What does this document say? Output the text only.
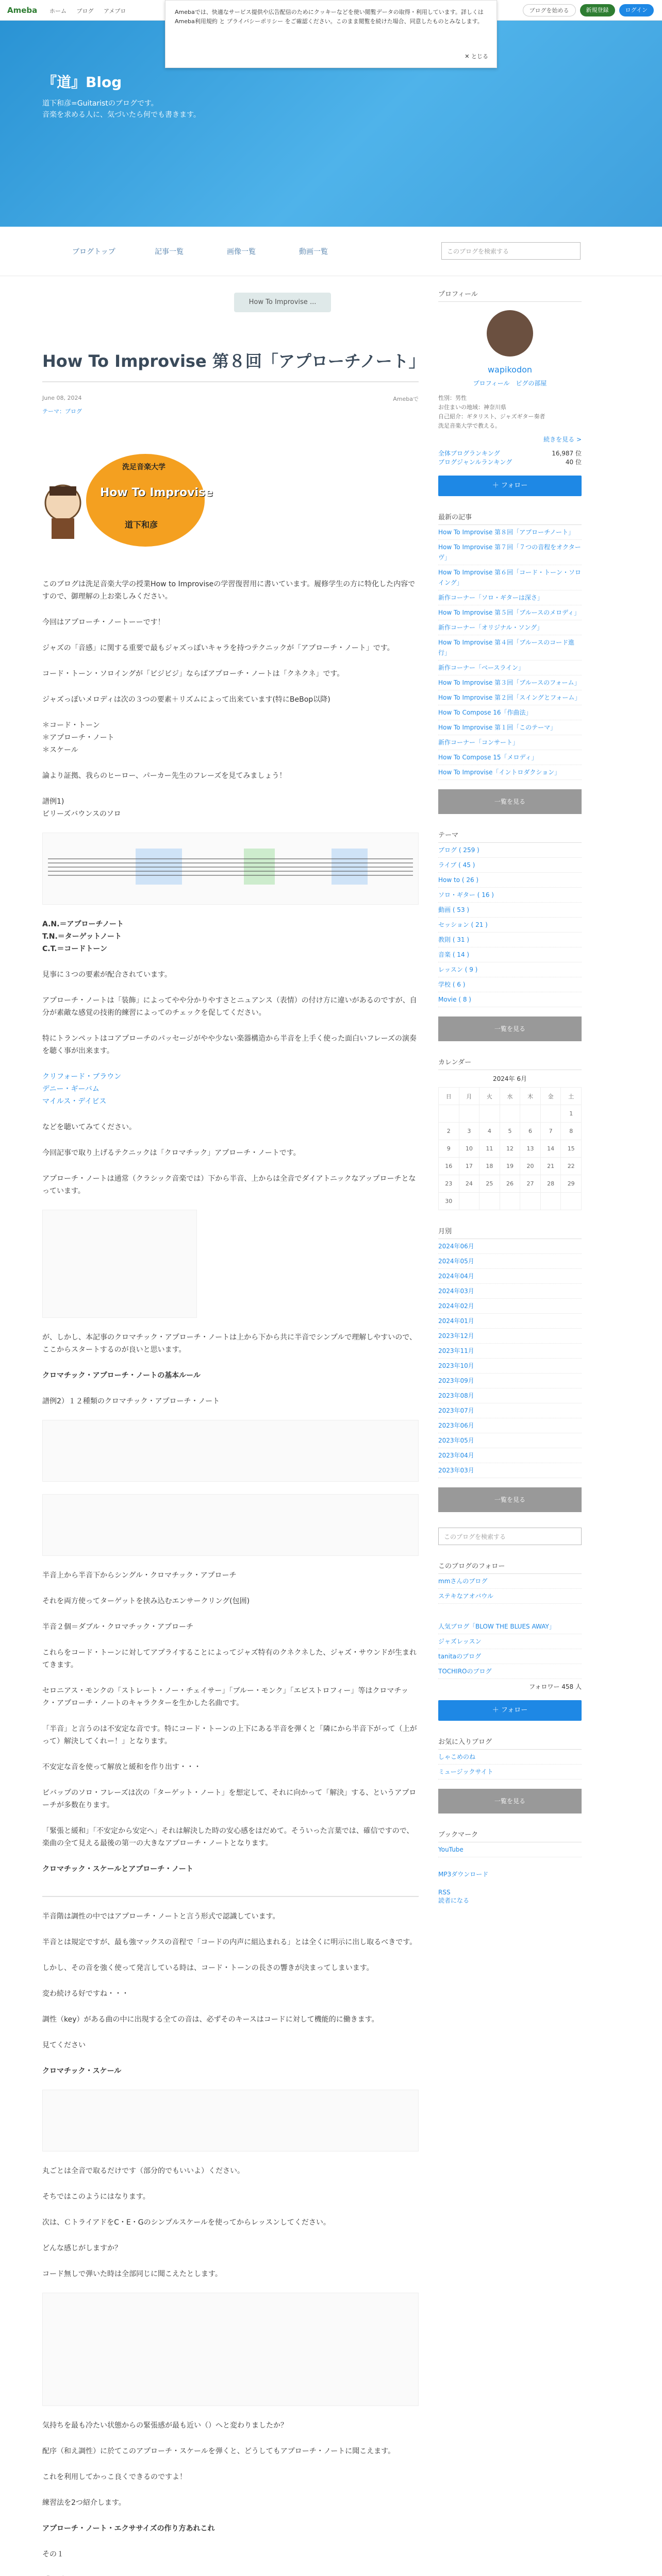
Ameba ホーム ブログ アメブロ	ブログを始める	新規登録	ログイン

Amebaでは、快適なサービス提供や広告配信のためにクッキーなどを使い閲覧データの取得・利用しています。詳しくは Ameba利用規約 と プライバシーポリシー をご確認ください。このまま閲覧を続けた場合、同意したものとみなします。

✕ とじる
『道』Blog
道下和彦=Guitaristのブログです。
音楽を求める人に、気づいたら何でも書きます。
ブログトップ	記事一覧	画像一覧	動画一覧	このブログを検索する
How To Improvise ...
How To Improvise 第８回「アプローチノート」
June 08, 2024	Amebaで
テーマ：ブログ
洗足音楽大学
How To Improvise
道下和彦

このブログは洗足音楽大学の授業How to Improviseの学習復習用に書いています。履修学生の方に特化した内容ですので、御理解の上お楽しみください。

今回はアプローチ・ノートーーです！

ジャズの「音感」に関する重要で最もジャズっぽいキャラを持つテクニックが「アプローチ・ノート」です。

コード・トーン・ソロイングが「ビジビジ」ならばアプローチ・ノートは「クネクネ」です。

ジャズっぽいメロディは次の３つの要素＋リズムによって出来ています(特にBeBop以降)

＊コード・トーン
＊アプローチ・ノート
＊スケール

論より証拠、我らのヒーロー、パーカー先生のフレーズを見てみましょう！

譜例1)
ビリーズバウンスのソロ
A.N.＝アプローチノート
T.N.＝ターゲットノート
C.T.＝コードトーン

見事に３つの要素が配合されています。

アプローチ・ノートは「装飾」によってやや分かりやすさとニュアンス（表情）の付け方に違いがあるのですが、自分が素敵な感覚の技術的練習によってのチェックを促してください。

特にトランペットはコアプローチのパッセージがやや少ない楽器構造から半音を上手く使った面白いフレーズの演奏を聴く事が出来ます。

クリフォード・ブラウン
デニー・ギーバム
マイルス・デイビス

などを聴いてみてください。

今回記事で取り上げるテクニックは「クロマチック」アプローチ・ノートです。

アプローチ・ノートは通常（クラシック音楽では）下から半音、上からは全音でダイアトニックなアップローチとなっています。

が、しかし、本記事のクロマチック・アプローチ・ノートは上から下から共に半音でシンプルで理解しやすいので、ここからスタートするのが良いと思います。

クロマチック・アプローチ・ノートの基本ルール

譜例2）１２種類のクロマチック・アプローチ・ノート

半音上から半音下からシングル・クロマチック・アプローチ

それを両方使ってターゲットを挟み込むエンサークリング(包囲)

半音２個＝ダブル・クロマチック・アプローチ

これらをコード・トーンに対してアプライすることによってジャズ特有のクネクネした、ジャズ・サウンドが生まれてきます。

セロニアス・モンクの「ストレート・ノー・チェイサー」「ブルー・モンク」「エピストロフィー」等はクロマチック・アプローチ・ノートのキャラクターを生かした名曲です。

「半音」と言うのは不安定な音です。特にコード・トーンの上下にある半音を弾くと「隣にから半音下がって（上がって）解決してくれー！」となります。

不安定な音を使って解放と緩和を作り出す・・・

ビバップのソロ・フレーズは次の「ターゲット・ノート」を想定して、それに向かって「解決」する、というアプローチが多数在ります。

「緊張と緩和」「不安定から安定へ」それは解決した時の安心感をはだめて。そういった言葉では、確信ですので、楽曲の全て見える最後の第一の大きなアプローチ・ノートとなります。

クロマチック・スケールとアプローチ・ノート

半音階は調性の中ではアプローチ・ノートと言う形式で認識しています。

半音とは規定ですが、最も強マックスの音程で「コードの内声に組込まれる」とは全くに明示に出し取るべきです。

しかし、その音を強く使って発言している時は、コード・トーンの長さの響きが決まってしまいます。

変わ続ける好ですね・・・

調性（key）がある曲の中に出現する全ての音は、必ずそのキースはコードに対して機能的に働きます。

見てください

クロマチック・スケール

丸ごとは全音で取るだけです（部分的でもいいよ）ください。

そちではこのようにはなります。

次は、ＣトライアドをC・E・Gのシンプルスケールを使ってからレッスンしてください。

どんな感じがしますか？

コード無しで弾いた時は全部同じに聞こえたとします。

気持ちを最も冷たい状態からの緊張感が最も近い（）へと変わりましたか？

配序（和え調性）に於てこのアプローチ・スケールを弾くと、どうしてもアプローチ・ノートに聞こえます。

これを利用してかっこ良くできるのですよ！

練習法を2つ紹介します。

アプローチ・ノート・エクササイズの作り方あれこれ

その１

プロフィール
wapikodon
プロフィール ピグの部屋
性別：男性
お住まいの地域：神奈川県
自己紹介：ギタリスト、ジャズギター奏者
洗足音楽大学で教える。
続きを見る >
全体ブログランキング	16,987 位
ブログジャンルランキング	40 位
＋ フォロー
最新の記事
How To Improvise 第８回「アプローチノート」
How To Improvise 第７回「７つの音程をオクターヴ」
How To Improvise 第６回「コード・トーン・ソロイング」
新作コーナー「ソロ・ギターは深さ」
How To Improvise 第５回「ブルースのメロディ」
新作コーナー「オリジナル・ソング」
How To Improvise 第４回「ブルースのコード進行」
新作コーナー「ベースライン」
How To Improvise 第３回「ブルースのフォーム」
How To Improvise 第２回「スイングとフォーム」
How To Compose 16「作曲法」
How To Improvise 第１回「このテーマ」
新作コーナー「コンサート」
How To Compose 15「メロディ」
How To Improvise「イントロダクション」
一覧を見る
テーマ
ブログ ( 259 )
ライブ ( 45 )
How to ( 26 )
ソロ・ギター ( 16 )
動画 ( 53 )
セッション ( 21 )
教則 ( 31 )
音楽 ( 14 )
レッスン ( 9 )
学校 ( 6 )
Movie ( 8 )
一覧を見る
カレンダー
2024年 6月
日	月	火	水	木	金	土
						1
2	3	4	5	6	7	8
9	10	11	12	13	14	15
16	17	18	19	20	21	22
23	24	25	26	27	28	29
30						
月別
2024年06月
2024年05月
2024年04月
2024年03月
2024年02月
2024年01月
2023年12月
2023年11月
2023年10月
2023年09月
2023年08月
2023年07月
2023年06月
2023年05月
2023年04月
2023年03月
一覧を見る
このブログを検索する
このブログのフォロー
mmさんのブログ
ステキなアオバウル
人気ブログ「BLOW THE BLUES AWAY」
ジャズレッスン
tanitaのブログ
TOCHIROのブログ
フォロワー 458 人
＋ フォロー
お気に入りブログ
しゃこめのね
ミュージックサイト
一覧を見る
ブックマーク
YouTube
MP3ダウンロード
RSS
読者になる
